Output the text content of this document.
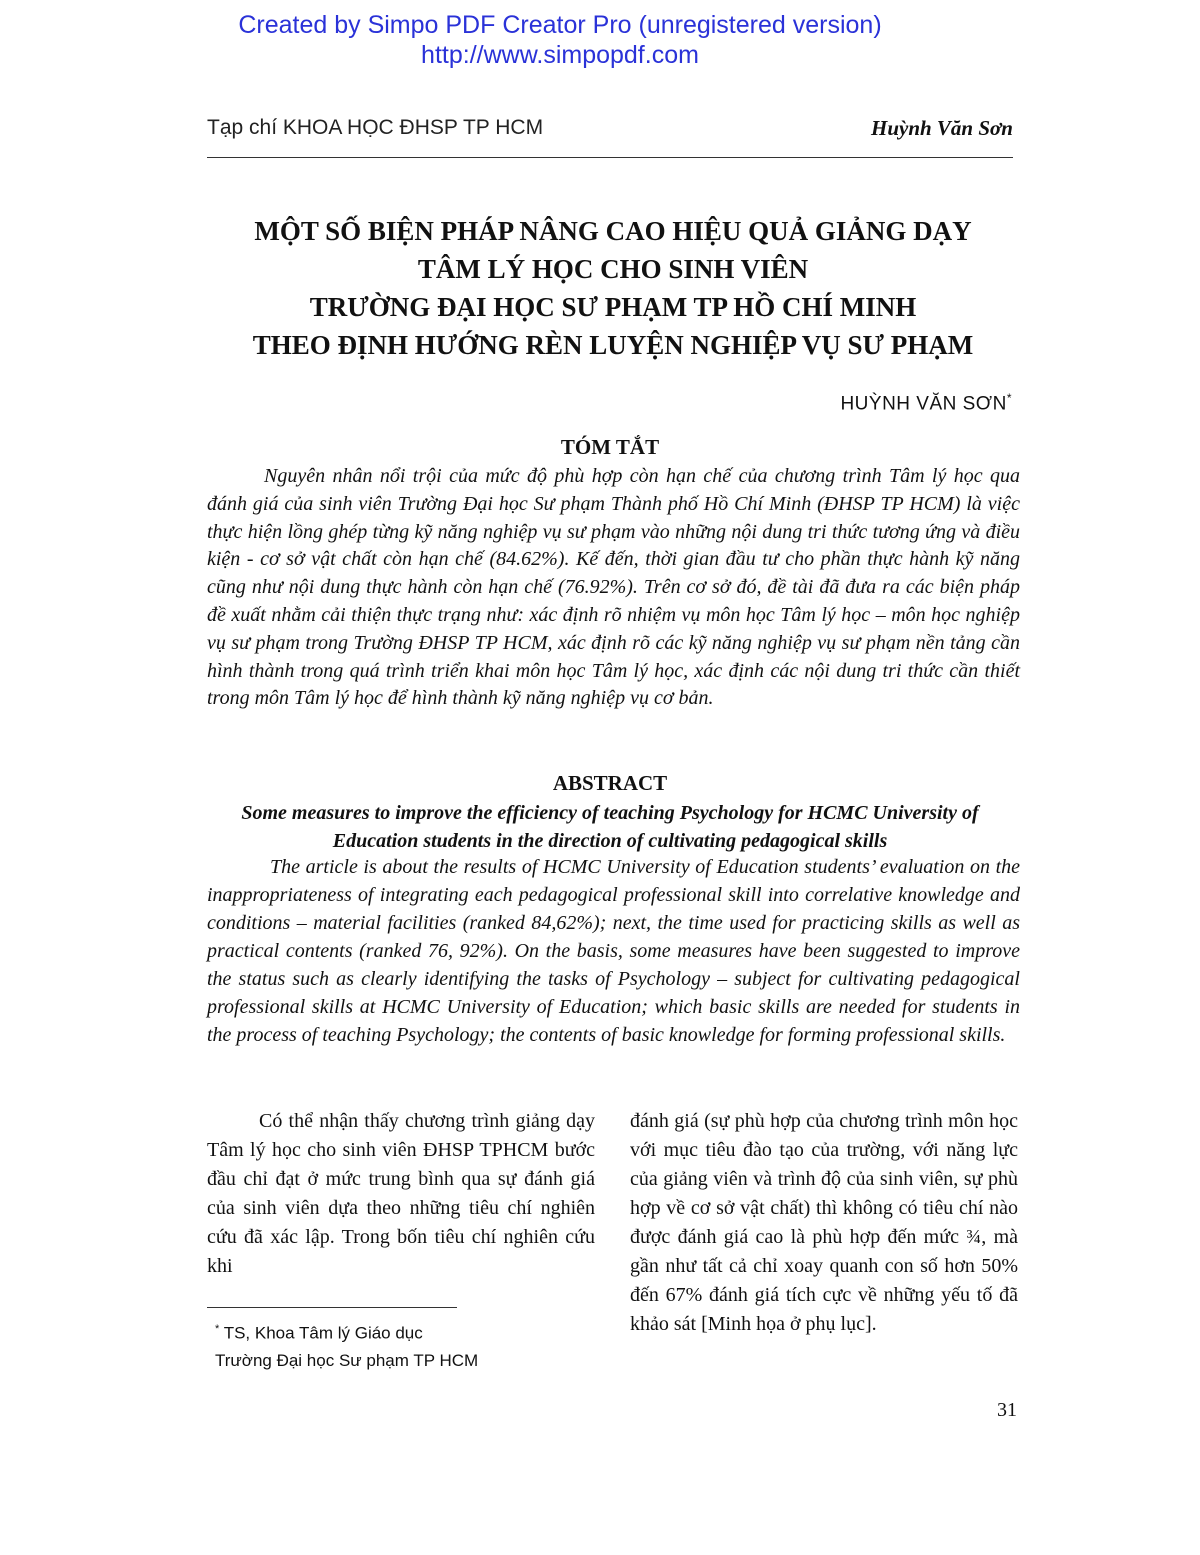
Created by Simpo PDF Creator Pro (unregistered version)
http://www.simpopdf.com
Tạp chí KHOA HỌC ĐHSP TP HCM	Huỳnh Văn Sơn
MỘT SỐ BIỆN PHÁP NÂNG CAO HIỆU QUẢ GIẢNG DẠY
TÂM LÝ HỌC CHO SINH VIÊN
TRƯỜNG ĐẠI HỌC SƯ PHẠM TP HỒ CHÍ MINH
THEO ĐỊNH HƯỚNG RÈN LUYỆN NGHIỆP VỤ SƯ PHẠM
HUỲNH VĂN SƠN*
TÓM TẮT

Nguyên nhân nổi trội của mức độ phù hợp còn hạn chế của chương trình Tâm lý học qua đánh giá của sinh viên Trường Đại học Sư phạm Thành phố Hồ Chí Minh (ĐHSP TP HCM) là việc thực hiện lồng ghép từng kỹ năng nghiệp vụ sư phạm vào những nội dung tri thức tương ứng và điều kiện - cơ sở vật chất còn hạn chế (84.62%). Kế đến, thời gian đầu tư cho phần thực hành kỹ năng cũng như nội dung thực hành còn hạn chế (76.92%). Trên cơ sở đó, đề tài đã đưa ra các biện pháp đề xuất nhằm cải thiện thực trạng như: xác định rõ nhiệm vụ môn học Tâm lý học – môn học nghiệp vụ sư phạm trong Trường ĐHSP TP HCM, xác định rõ các kỹ năng nghiệp vụ sư phạm nền tảng cần hình thành trong quá trình triển khai môn học Tâm lý học, xác định các nội dung tri thức cần thiết trong môn Tâm lý học để hình thành kỹ năng nghiệp vụ cơ bản.

ABSTRACT

Some measures to improve the efficiency of teaching Psychology for HCMC University of Education students in the direction of cultivating pedagogical skills

The article is about the results of HCMC University of Education students’ evaluation on the inappropriateness of integrating each pedagogical professional skill into correlative knowledge and conditions – material facilities (ranked 84,62%); next, the time used for practicing skills as well as practical contents (ranked 76, 92%). On the basis, some measures have been suggested to improve the status such as clearly identifying the tasks of Psychology – subject for cultivating pedagogical professional skills at HCMC University of Education; which basic skills are needed for students in the process of teaching Psychology; the contents of basic knowledge for forming professional skills.

Có thể nhận thấy chương trình giảng dạy Tâm lý học cho sinh viên ĐHSP TPHCM bước đầu chỉ đạt ở mức trung bình qua sự đánh giá của sinh viên dựa theo những tiêu chí nghiên cứu đã xác lập. Trong bốn tiêu chí nghiên cứu khi

đánh giá (sự phù hợp của chương trình môn học với mục tiêu đào tạo của trường, với năng lực của giảng viên và trình độ của sinh viên, sự phù hợp về cơ sở vật chất) thì không có tiêu chí nào được đánh giá cao là phù hợp đến mức ¾, mà gần như tất cả chỉ xoay quanh con số hơn 50% đến 67% đánh giá tích cực về những yếu tố đã khảo sát [Minh họa ở phụ lục].

* TS, Khoa Tâm lý Giáo dục
Trường Đại học Sư phạm TP HCM
31
